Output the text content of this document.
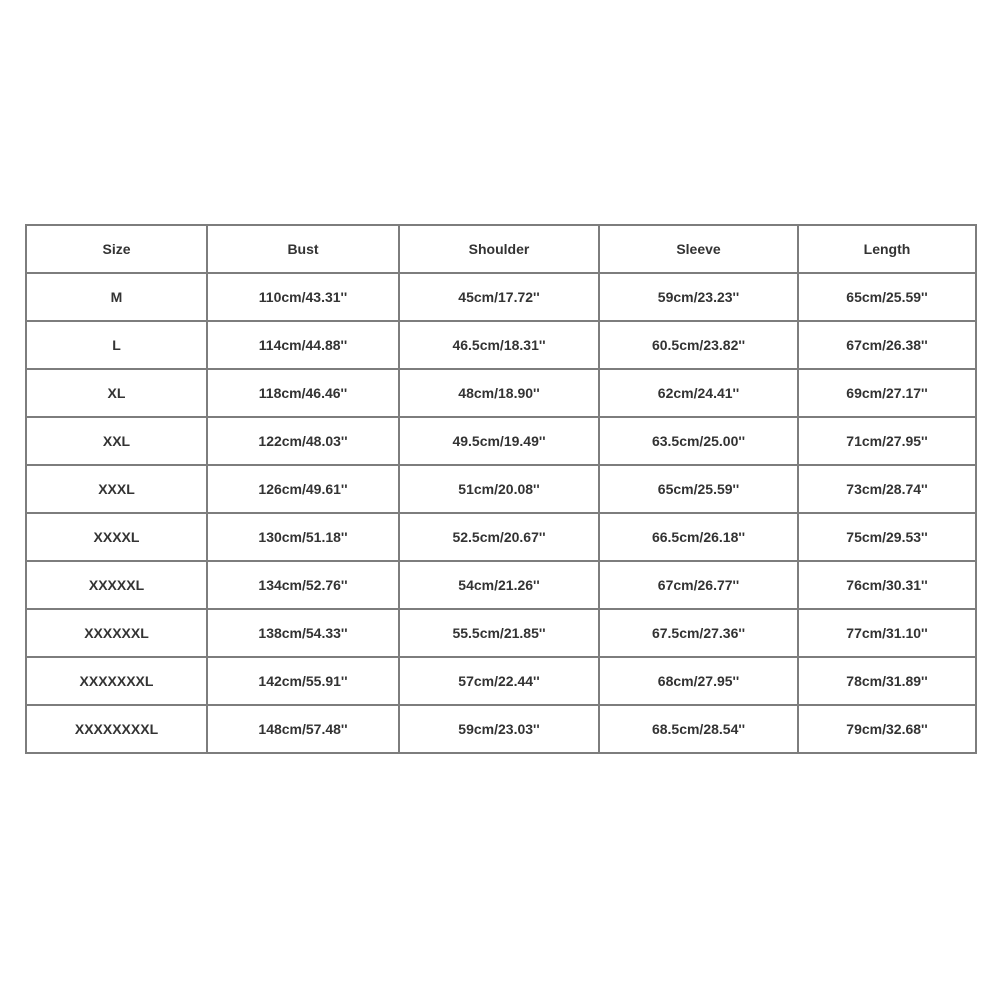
Size	Bust	Shoulder	Sleeve	Length
M	110cm/43.31''	45cm/17.72''	59cm/23.23''	65cm/25.59''
L	114cm/44.88''	46.5cm/18.31''	60.5cm/23.82''	67cm/26.38''
XL	118cm/46.46''	48cm/18.90''	62cm/24.41''	69cm/27.17''
XXL	122cm/48.03''	49.5cm/19.49''	63.5cm/25.00''	71cm/27.95''
XXXL	126cm/49.61''	51cm/20.08''	65cm/25.59''	73cm/28.74''
XXXXL	130cm/51.18''	52.5cm/20.67''	66.5cm/26.18''	75cm/29.53''
XXXXXL	134cm/52.76''	54cm/21.26''	67cm/26.77''	76cm/30.31''
XXXXXXL	138cm/54.33''	55.5cm/21.85''	67.5cm/27.36''	77cm/31.10''
XXXXXXXL	142cm/55.91''	57cm/22.44''	68cm/27.95''	78cm/31.89''
XXXXXXXXL	148cm/57.48''	59cm/23.03''	68.5cm/28.54''	79cm/32.68''
